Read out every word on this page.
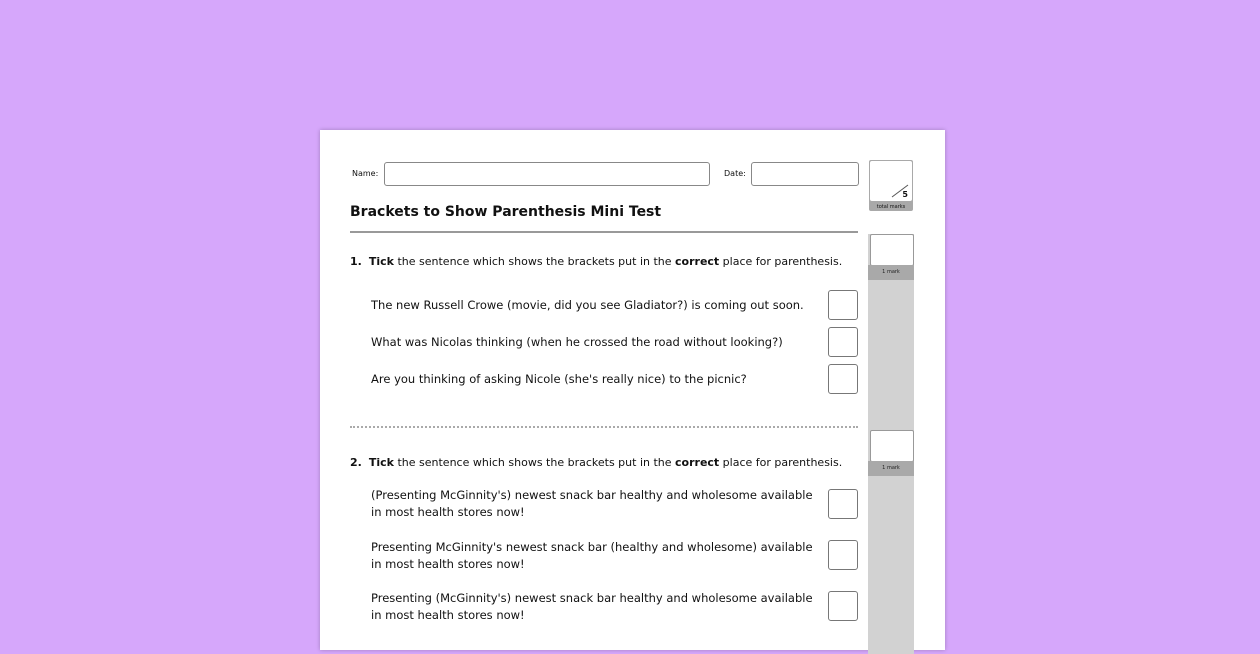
Name:	Date:
5
total marks
Brackets to Show Parenthesis Mini Test
1 mark
1. Tick the sentence which shows the brackets put in the correct place for parenthesis.
The new Russell Crowe (movie, did you see Gladiator?) is coming out soon.
What was Nicolas thinking (when he crossed the road without looking?)
Are you thinking of asking Nicole (she's really nice) to the picnic?
1 mark
2. Tick the sentence which shows the brackets put in the correct place for parenthesis.
(Presenting McGinnity's) newest snack bar healthy and wholesome available in most health stores now!
Presenting McGinnity's newest snack bar (healthy and wholesome) available in most health stores now!
Presenting (McGinnity's) newest snack bar healthy and wholesome available in most health stores now!
